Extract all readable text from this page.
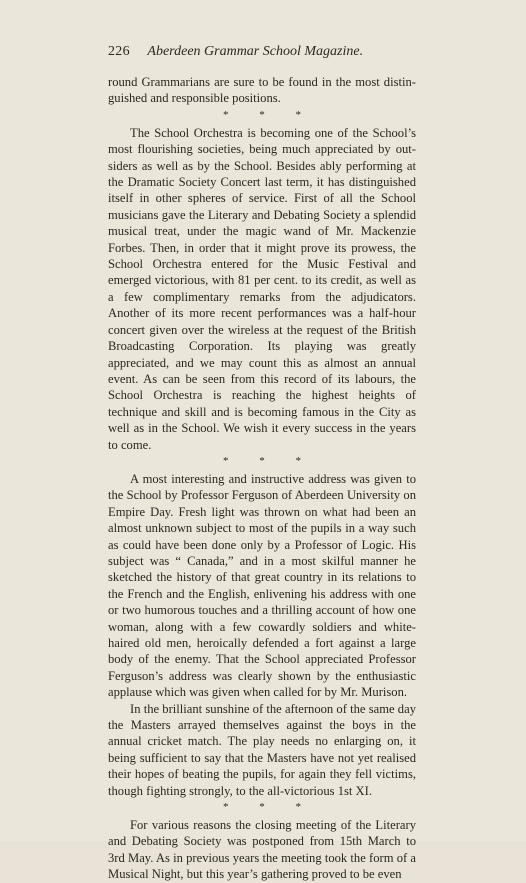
226 Aberdeen Grammar School Magazine.

round Grammarians are sure to be found in the most distinguished and responsible positions.

* * *

The School Orchestra is becoming one of the School’s most flourishing societies, being much appreciated by outsiders as well as by the School. Besides ably performing at the Dramatic Society Concert last term, it has distinguished itself in other spheres of service. First of all the School musicians gave the Literary and Debating Society a splendid musical treat, under the magic wand of Mr. Mackenzie Forbes. Then, in order that it might prove its prowess, the School Orchestra entered for the Music Festival and emerged victorious, with 81 per cent. to its credit, as well as a few complimentary remarks from the adjudicators. Another of its more recent performances was a half-hour concert given over the wireless at the request of the British Broadcasting Corporation. Its playing was greatly appreciated, and we may count this as almost an annual event. As can be seen from this record of its labours, the School Orchestra is reaching the highest heights of technique and skill and is becoming famous in the City as well as in the School. We wish it every success in the years to come.

* * *

A most interesting and instructive address was given to the School by Professor Ferguson of Aberdeen University on Empire Day. Fresh light was thrown on what had been an almost unknown subject to most of the pupils in a way such as could have been done only by a Professor of Logic. His subject was “ Canada,” and in a most skilful manner he sketched the history of that great country in its relations to the French and the English, enlivening his address with one or two humorous touches and a thrilling account of how one woman, along with a few cowardly soldiers and white-haired old men, heroically defended a fort against a large body of the enemy. That the School appreciated Professor Ferguson’s address was clearly shown by the enthusiastic applause which was given when called for by Mr. Murison.

In the brilliant sunshine of the afternoon of the same day the Masters arrayed themselves against the boys in the annual cricket match. The play needs no enlarging on, it being sufficient to say that the Masters have not yet realised their hopes of beating the pupils, for again they fell victims, though fighting strongly, to the all-victorious 1st XI.

* * *

For various reasons the closing meeting of the Literary and Debating Society was postponed from 15th March to 3rd May. As in previous years the meeting took the form of a Musical Night, but this year’s gathering proved to be even
